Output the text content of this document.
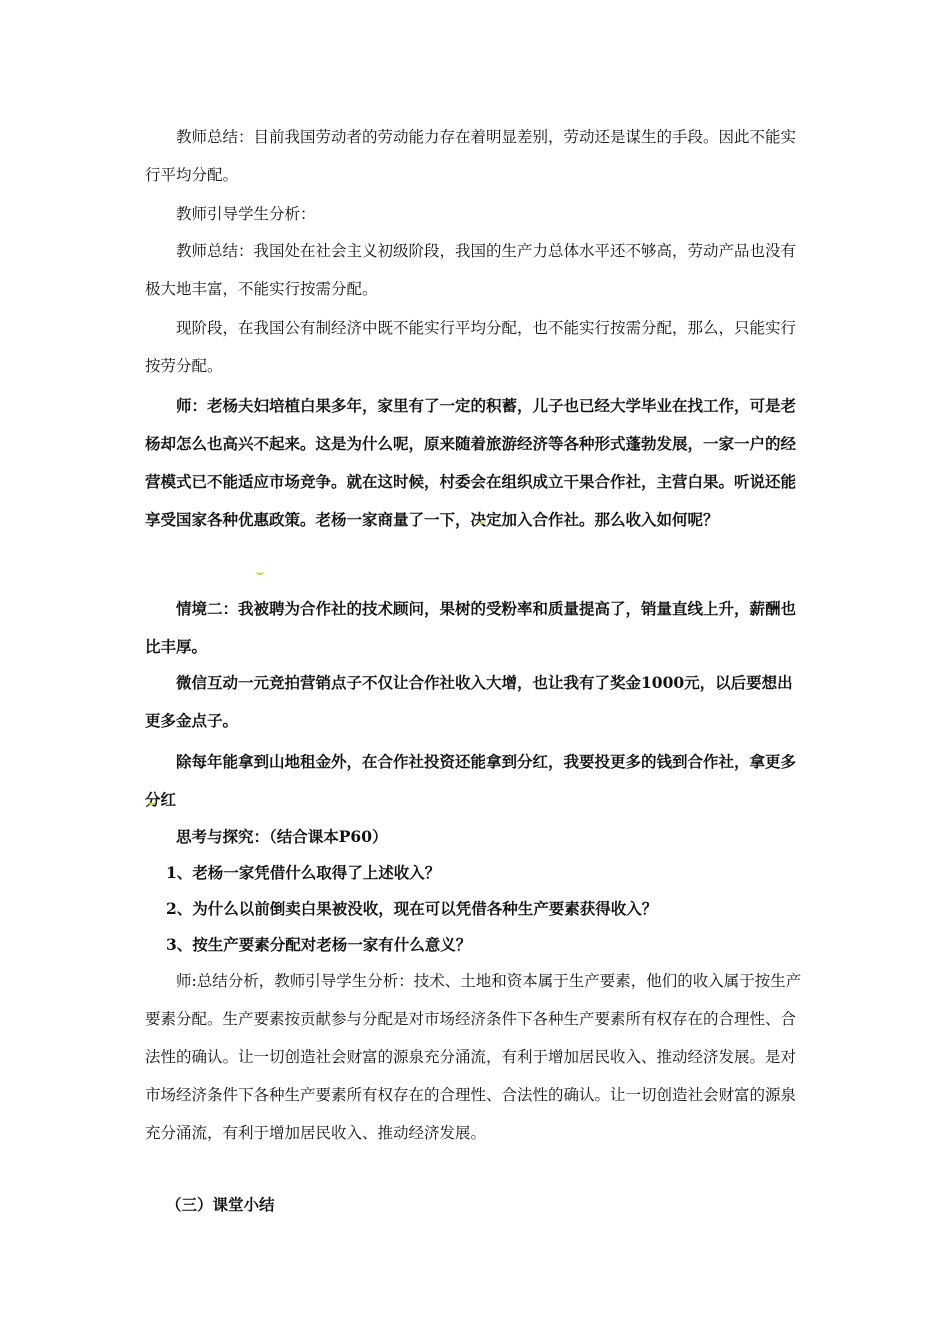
教师总结：目前我国劳动者的劳动能力存在着明显差别，劳动还是谋生的手段。因此不能实行平均分配。

教师引导学生分析：

教师总结：我国处在社会主义初级阶段，我国的生产力总体水平还不够高，劳动产品也没有极大地丰富，不能实行按需分配。

现阶段，在我国公有制经济中既不能实行平均分配，也不能实行按需分配，那么，只能实行按劳分配。

师：老杨夫妇培植白果多年，家里有了一定的积蓄，儿子也已经大学毕业在找工作，可是老杨却怎么也高兴不起来。这是为什么呢，原来随着旅游经济等各种形式蓬勃发展，一家一户的经营模式已不能适应市场竞争。就在这时候，村委会在组织成立干果合作社，主营白果。听说还能享受国家各种优惠政策。老杨一家商量了一下，决定加入合作社。那么收入如何呢？

情境二：我被聘为合作社的技术顾问，果树的受粉率和质量提高了，销量直线上升，薪酬也比丰厚。

微信互动一元竞拍营销点子不仅让合作社收入大增，也让我有了奖金1000元，以后要想出更多金点子。

除每年能拿到山地租金外，在合作社投资还能拿到分红，我要投更多的钱到合作社，拿更多分红

思考与探究：（结合课本P60）

1、老杨一家凭借什么取得了上述收入？

2、为什么以前倒卖白果被没收，现在可以凭借各种生产要素获得收入？

3、按生产要素分配对老杨一家有什么意义？

师:总结分析，教师引导学生分析：技术、土地和资本属于生产要素，他们的收入属于按生产要素分配。生产要素按贡献参与分配是对市场经济条件下各种生产要素所有权存在的合理性、合法性的确认。让一切创造社会财富的源泉充分涌流，有利于增加居民收入、推动经济发展。是对市场经济条件下各种生产要素所有权存在的合理性、合法性的确认。让一切创造社会财富的源泉充分涌流，有利于增加居民收入、推动经济发展。

（三）课堂小结
